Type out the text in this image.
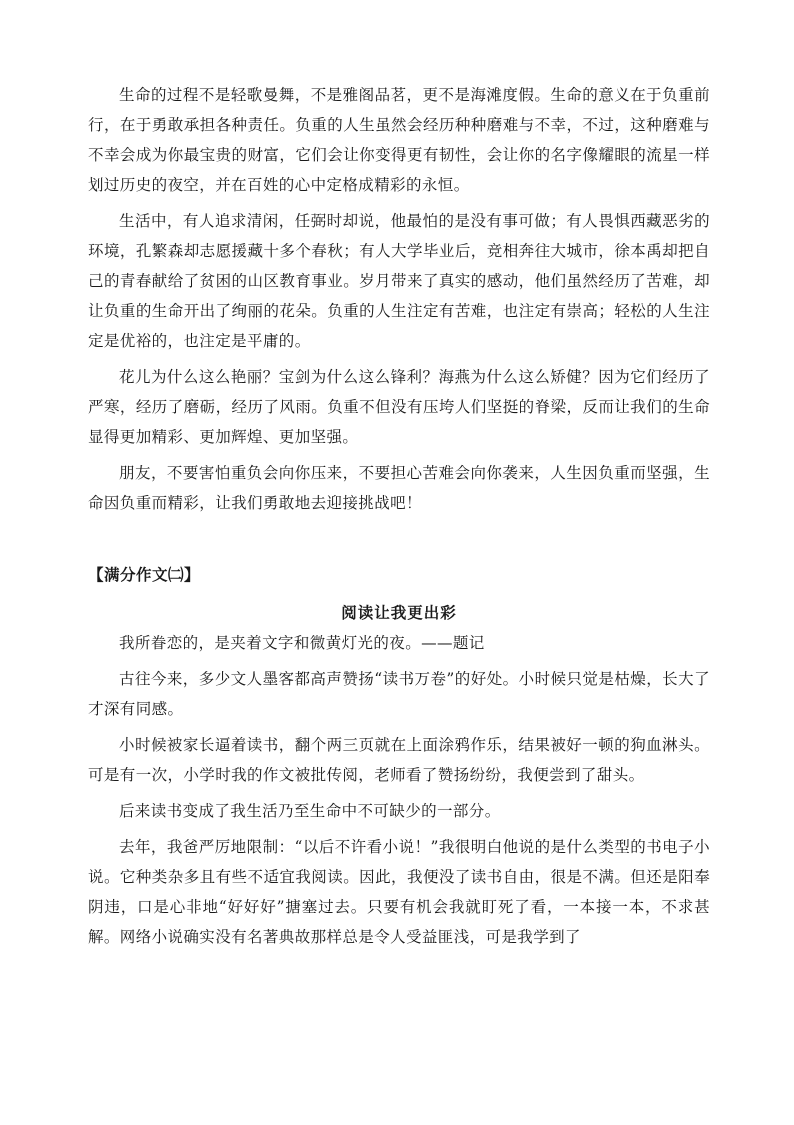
生命的过程不是轻歌曼舞，不是雅阁品茗，更不是海滩度假。生命的意义在于负重前行，在于勇敢承担各种责任。负重的人生虽然会经历种种磨难与不幸，不过，这种磨难与不幸会成为你最宝贵的财富，它们会让你变得更有韧性，会让你的名字像耀眼的流星一样划过历史的夜空，并在百姓的心中定格成精彩的永恒。

生活中，有人追求清闲，任弼时却说，他最怕的是没有事可做；有人畏惧西藏恶劣的环境，孔繁森却志愿援藏十多个春秋；有人大学毕业后，竞相奔往大城市，徐本禹却把自己的青春献给了贫困的山区教育事业。岁月带来了真实的感动，他们虽然经历了苦难，却让负重的生命开出了绚丽的花朵。负重的人生注定有苦难，也注定有崇高；轻松的人生注定是优裕的，也注定是平庸的。

花儿为什么这么艳丽？宝剑为什么这么锋利？海燕为什么这么矫健？因为它们经历了严寒，经历了磨砺，经历了风雨。负重不但没有压垮人们坚挺的脊梁，反而让我们的生命显得更加精彩、更加辉煌、更加坚强。

朋友，不要害怕重负会向你压来，不要担心苦难会向你袭来，人生因负重而坚强，生命因负重而精彩，让我们勇敢地去迎接挑战吧！

【满分作文㈡】

阅读让我更出彩

我所眷恋的，是夹着文字和微黄灯光的夜。——题记

古往今来，多少文人墨客都高声赞扬“读书万卷”的好处。小时候只觉是枯燥，长大了才深有同感。

小时候被家长逼着读书，翻个两三页就在上面涂鸦作乐，结果被好一顿的狗血淋头。可是有一次，小学时我的作文被批传阅，老师看了赞扬纷纷，我便尝到了甜头。

后来读书变成了我生活乃至生命中不可缺少的一部分。

去年，我爸严厉地限制：“以后不许看小说！”我很明白他说的是什么类型的书电子小说。它种类杂多且有些不适宜我阅读。因此，我便没了读书自由，很是不满。但还是阳奉阴违，口是心非地“好好好”搪塞过去。只要有机会我就盯死了看，一本接一本，不求甚解。网络小说确实没有名著典故那样总是令人受益匪浅，可是我学到了
